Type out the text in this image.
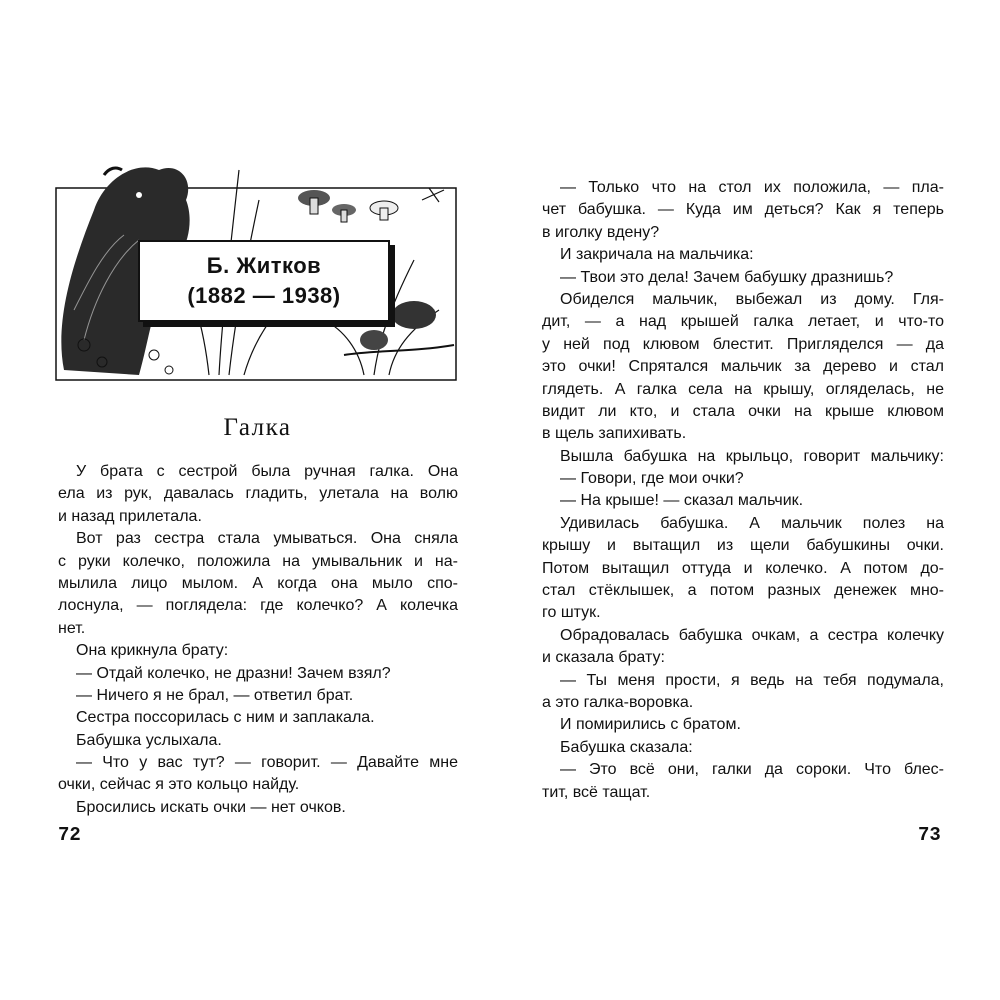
Б. Житков
(1882 — 1938)
Галка
У брата с сестрой была ручная галка. Она
ела из рук, давалась гладить, улетала на волю
и назад прилетала.
Вот раз сестра стала умываться. Она сняла
с руки колечко, положила на умывальник и на-
мылила лицо мылом. А когда она мыло спо-
лоснула, — поглядела: где колечко? А колечка
нет.
Она крикнула брату:
— Отдай колечко, не дразни! Зачем взял?
— Ничего я не брал, — ответил брат.
Сестра поссорилась с ним и заплакала.
Бабушка услыхала.
— Что у вас тут? — говорит. — Давайте мне
очки, сейчас я это кольцо найду.
Бросились искать очки — нет очков.
72	73
— Только что на стол их положила, — пла-
чет бабушка. — Куда им деться? Как я теперь
в иголку вдену?
И закричала на мальчика:
— Твои это дела! Зачем бабушку дразнишь?
Обиделся мальчик, выбежал из дому. Гля-
дит, — а над крышей галка летает, и что-то
у ней под клювом блестит. Пригляделся — да
это очки! Спрятался мальчик за дерево и стал
глядеть. А галка села на крышу, огляделась, не
видит ли кто, и стала очки на крыше клювом
в щель запихивать.
Вышла бабушка на крыльцо, говорит мальчику:
— Говори, где мои очки?
— На крыше! — сказал мальчик.
Удивилась бабушка. А мальчик полез на
крышу и вытащил из щели бабушкины очки.
Потом вытащил оттуда и колечко. А потом до-
стал стёклышек, а потом разных денежек мно-
го штук.
Обрадовалась бабушка очкам, а сестра колечку
и сказала брату:
— Ты меня прости, я ведь на тебя подумала,
а это галка-воровка.
И помирились с братом.
Бабушка сказала:
— Это всё они, галки да сороки. Что блес-
тит, всё тащат.
